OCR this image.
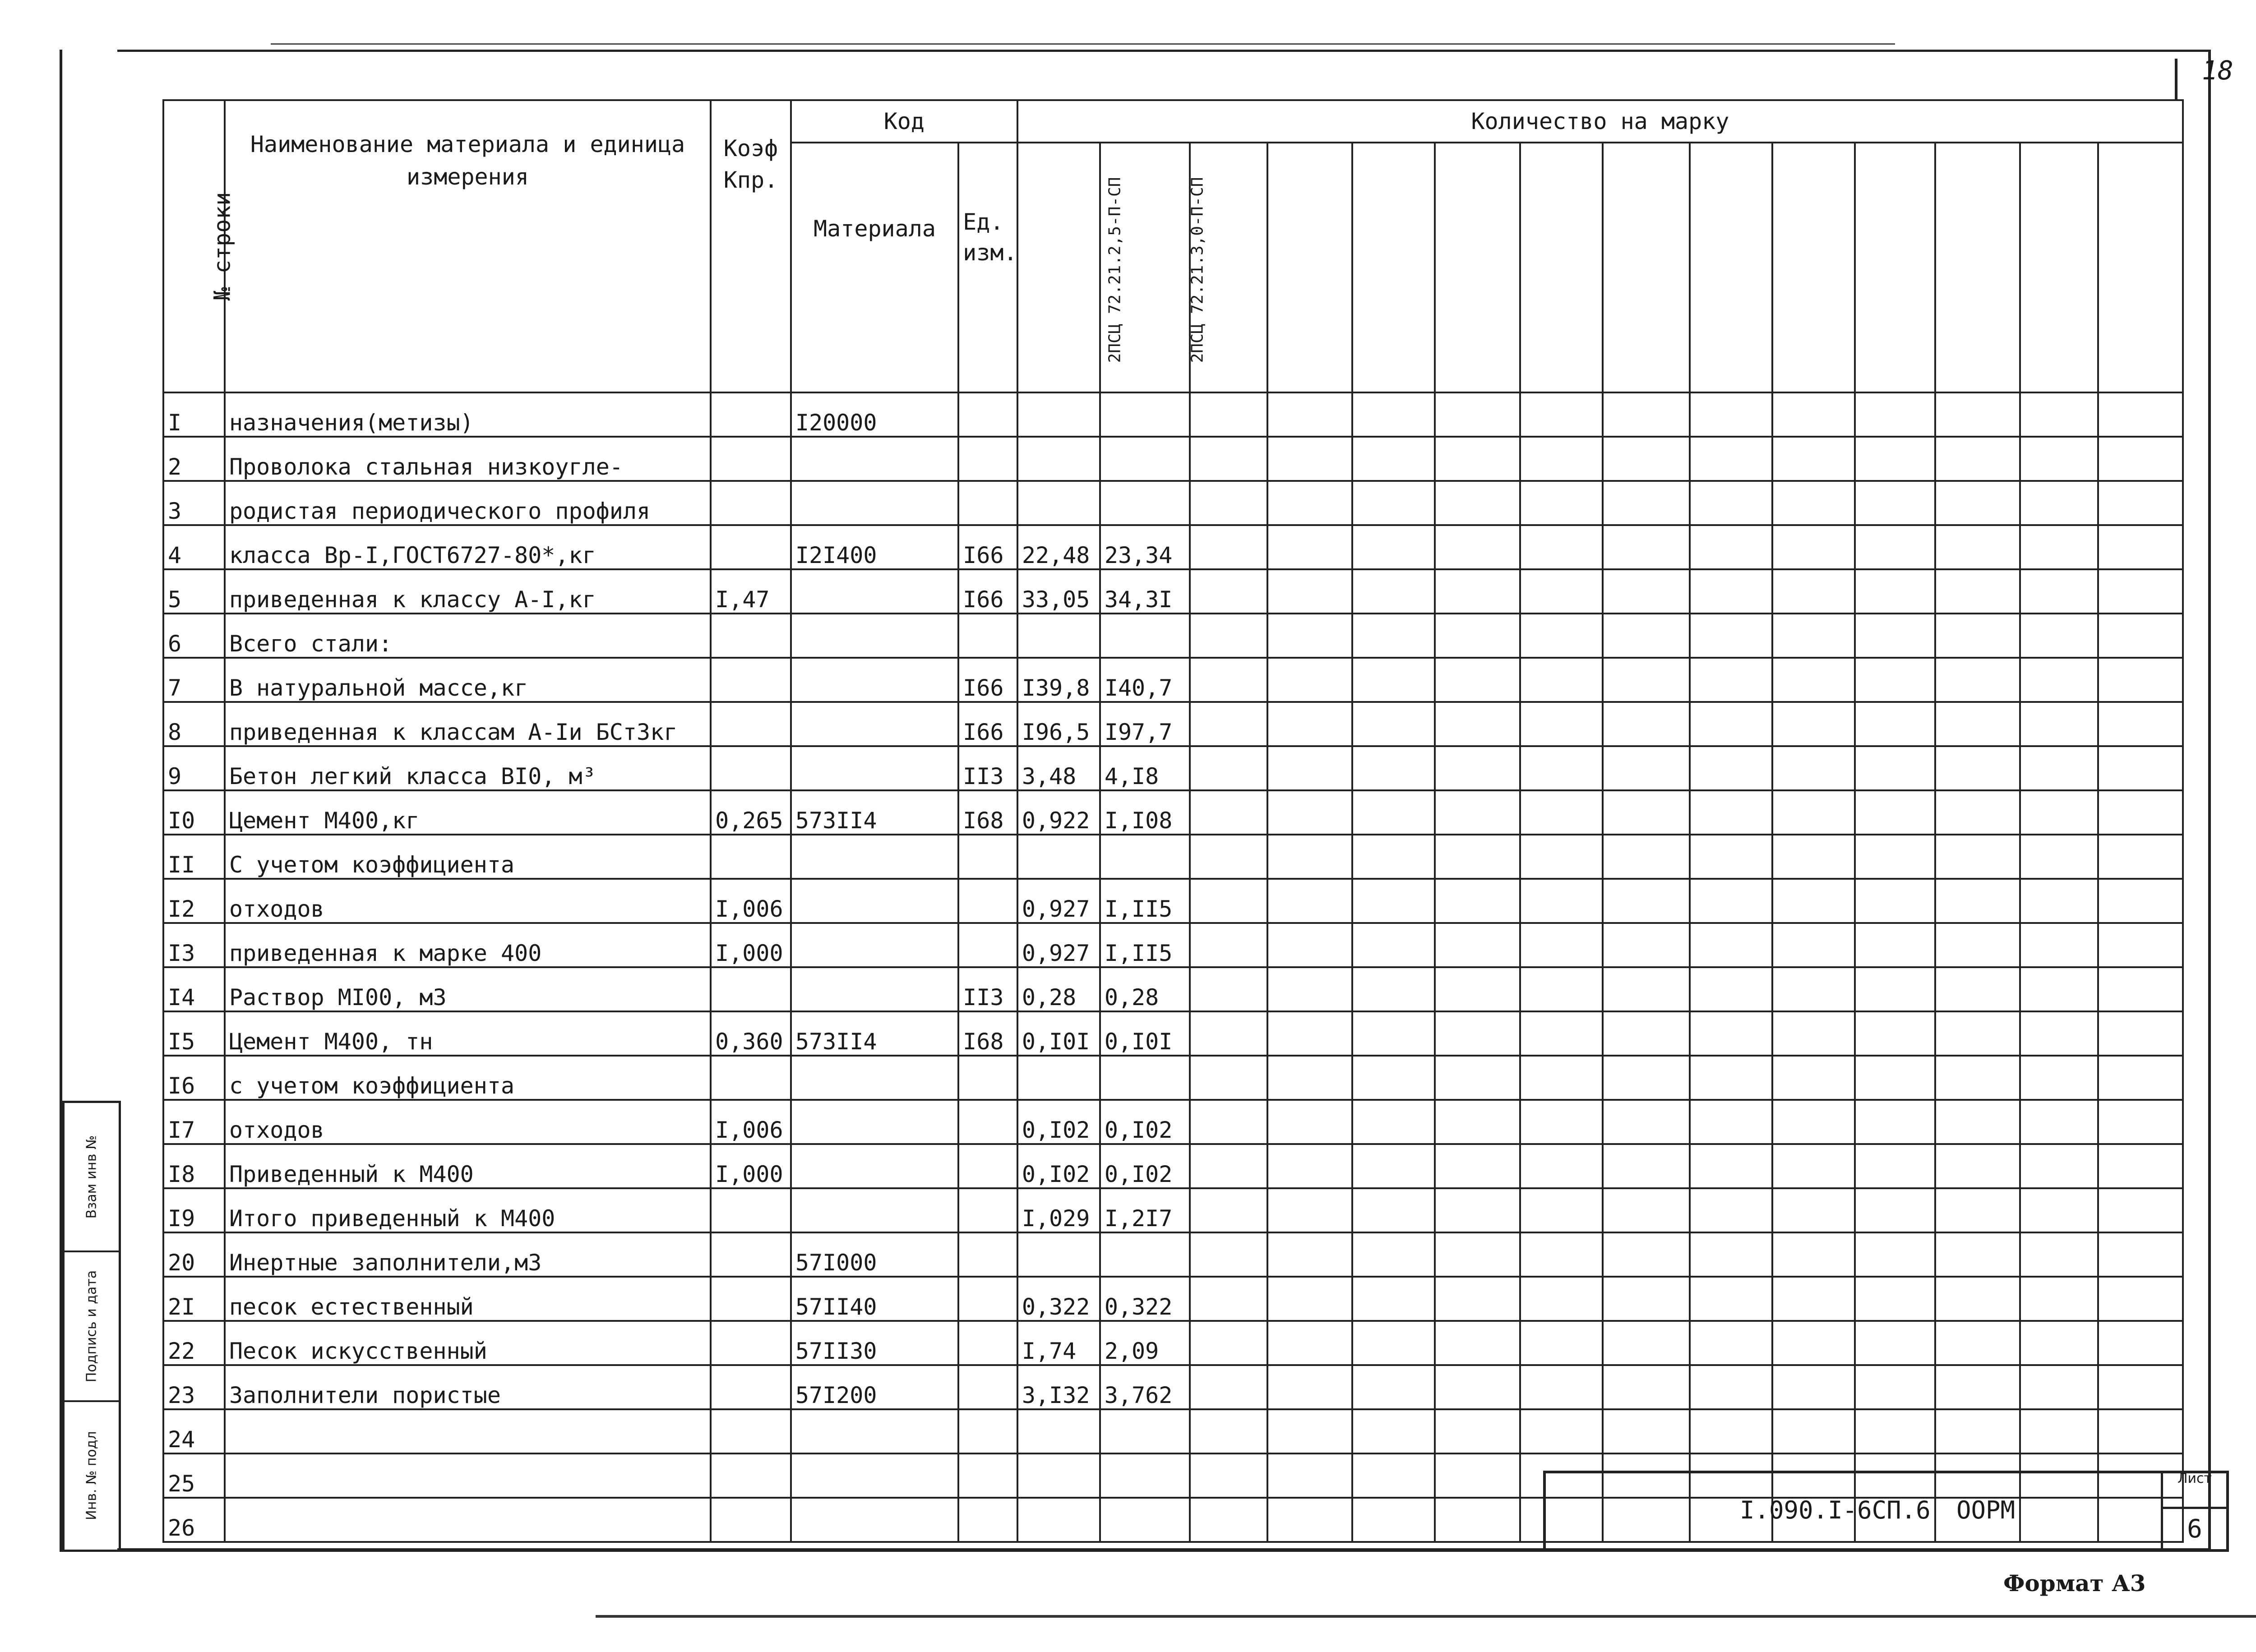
18
Взам инв №
Подпись и дата
Инв. № подл
№ строки	Наименование материала и единица измерения	Коэф Кпр.	Код		Количество на марку													
			Материала	Ед. изм.	2ПСЦ 72.21.2,5-П-СП	2ПСЦ 72.21.3,0-П-СП												
I	назначения(метизы)		I20000															
2	Проволока стальная низкоугле-																	
3	родистая периодического профиля																	
4	класса Вр-I,ГОСТ6727-80*,кг		I2I400	I66	22,48	23,34												
5	приведенная к классу А-I,кг	I,47		I66	33,05	34,3I												
6	Всего стали:																	
7	В натуральной массе,кг			I66	I39,8	I40,7												
8	приведенная к классам А-Iи БСтЗкг			I66	I96,5	I97,7												
9	Бетон легкий класса ВI0, м³			II3	3,48	4,I8												
I0	Цемент М400,кг	0,265	573II4	I68	0,922	I,I08												
II	С учетом коэффициента																	
I2	отходов	I,006			0,927	I,II5												
I3	приведенная к марке 400	I,000			0,927	I,II5												
I4	Раствор МI00, м3			II3	0,28	0,28												
I5	Цемент М400, тн	0,360	573II4	I68	0,I0I	0,I0I												
I6	с учетом коэффициента																	
I7	отходов	I,006			0,I02	0,I02												
I8	Приведенный к М400	I,000			0,I02	0,I02												
I9	Итого приведенный к М400				I,029	I,2I7												
20	Инертные заполнители,м3		57I000															
2I	песок естественный		57II40		0,322	0,322												
22	Песок искусственный		57II30		I,74	2,09												
23	Заполнители пористые		57I200		3,I32	3,762												
24																		
25																		
26																		
I.090.I-6СП.6 ООРМ
Лист
6
Формат А3
